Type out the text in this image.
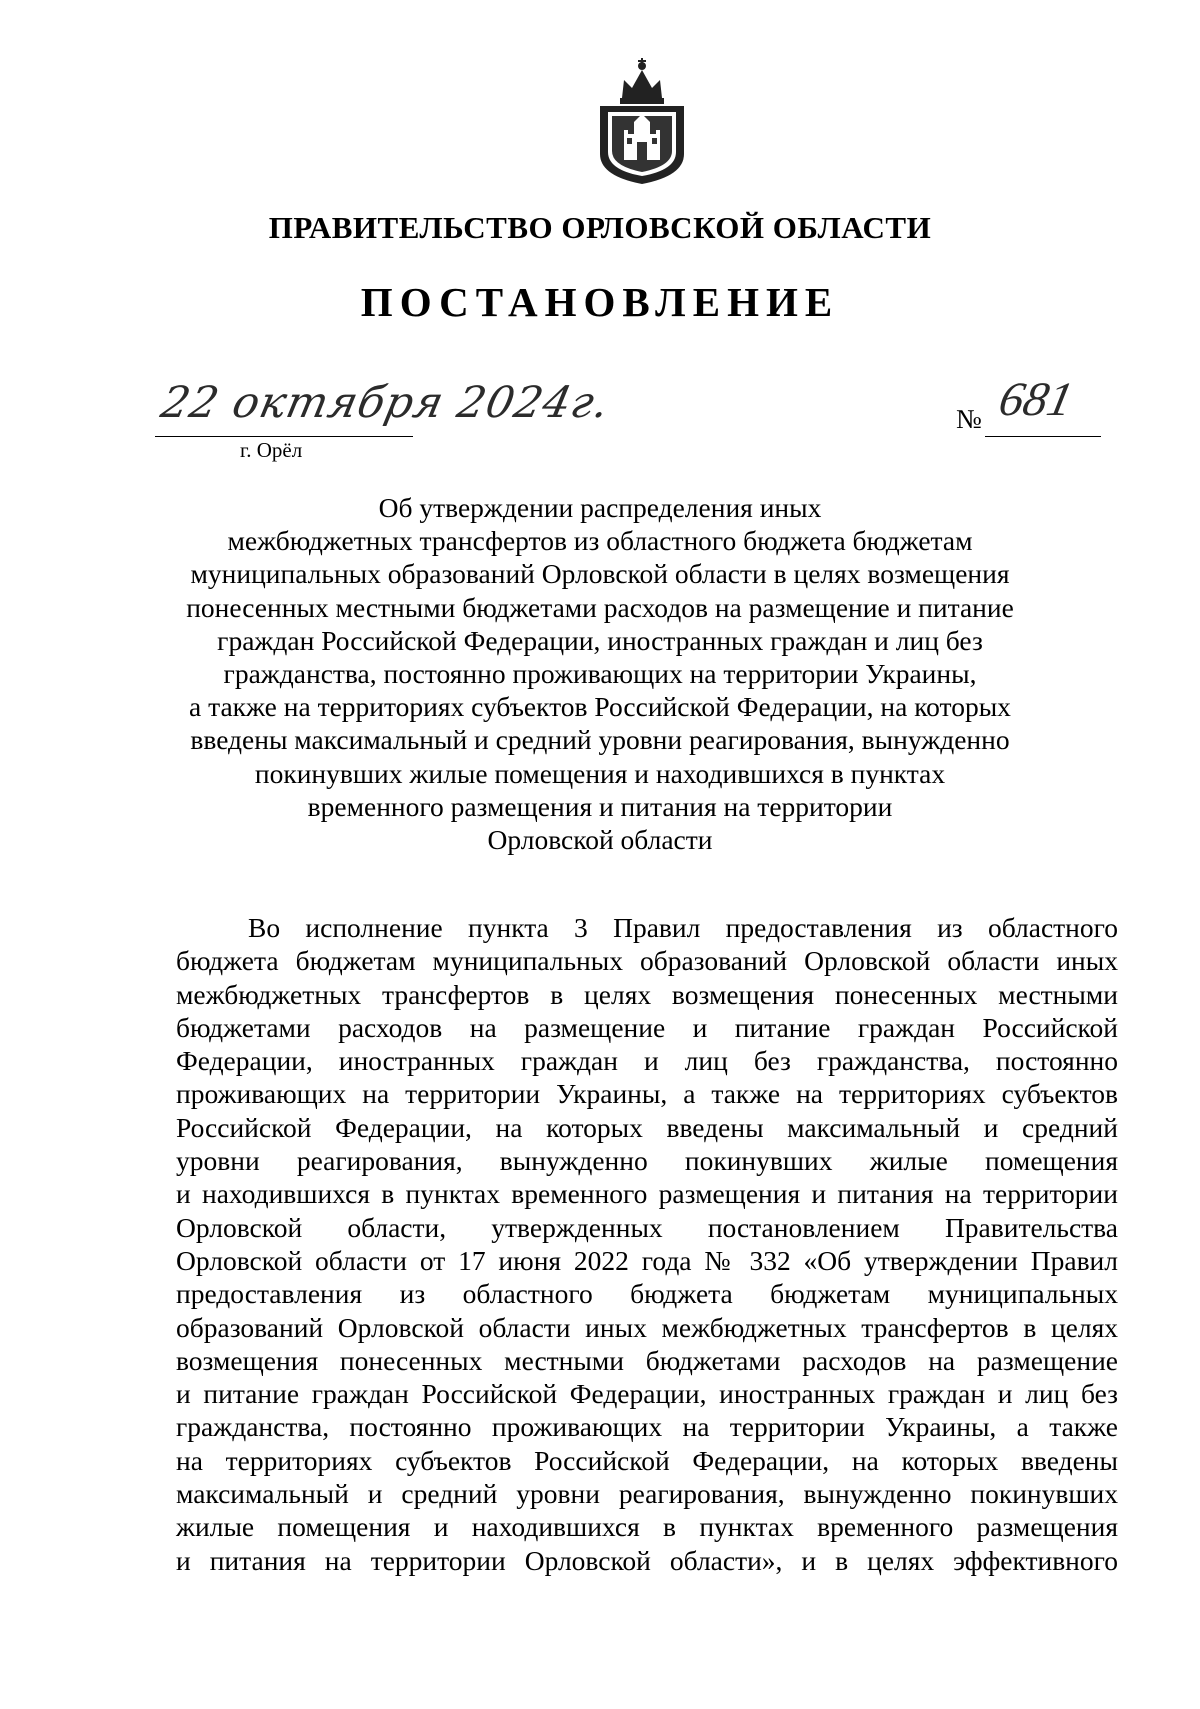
ПРАВИТЕЛЬСТВО ОРЛОВСКОЙ ОБЛАСТИ
ПОСТАНОВЛЕНИЕ
22 октября 2024г.
г. Орёл
№ 681
Об утверждении распределения иных
межбюджетных трансфертов из областного бюджета бюджетам
муниципальных образований Орловской области в целях возмещения
понесенных местными бюджетами расходов на размещение и питание
граждан Российской Федерации, иностранных граждан и лиц без
гражданства, постоянно проживающих на территории Украины,
а также на территориях субъектов Российской Федерации, на которых
введены максимальный и средний уровни реагирования, вынужденно
покинувших жилые помещения и находившихся в пунктах
временного размещения и питания на территории
Орловской области
Во исполнение пункта 3 Правил предоставления из областного
бюджета бюджетам муниципальных образований Орловской области иных
межбюджетных трансфертов в целях возмещения понесенных местными
бюджетами расходов на размещение и питание граждан Российской
Федерации, иностранных граждан и лиц без гражданства, постоянно
проживающих на территории Украины, а также на территориях субъектов
Российской Федерации, на которых введены максимальный и средний
уровни реагирования, вынужденно покинувших жилые помещения
и находившихся в пунктах временного размещения и питания на территории
Орловской области, утвержденных постановлением Правительства
Орловской области от 17 июня 2022 года № 332 «Об утверждении Правил
предоставления из областного бюджета бюджетам муниципальных
образований Орловской области иных межбюджетных трансфертов в целях
возмещения понесенных местными бюджетами расходов на размещение
и питание граждан Российской Федерации, иностранных граждан и лиц без
гражданства, постоянно проживающих на территории Украины, а также
на территориях субъектов Российской Федерации, на которых введены
максимальный и средний уровни реагирования, вынужденно покинувших
жилые помещения и находившихся в пунктах временного размещения
и питания на территории Орловской области», и в целях эффективного
